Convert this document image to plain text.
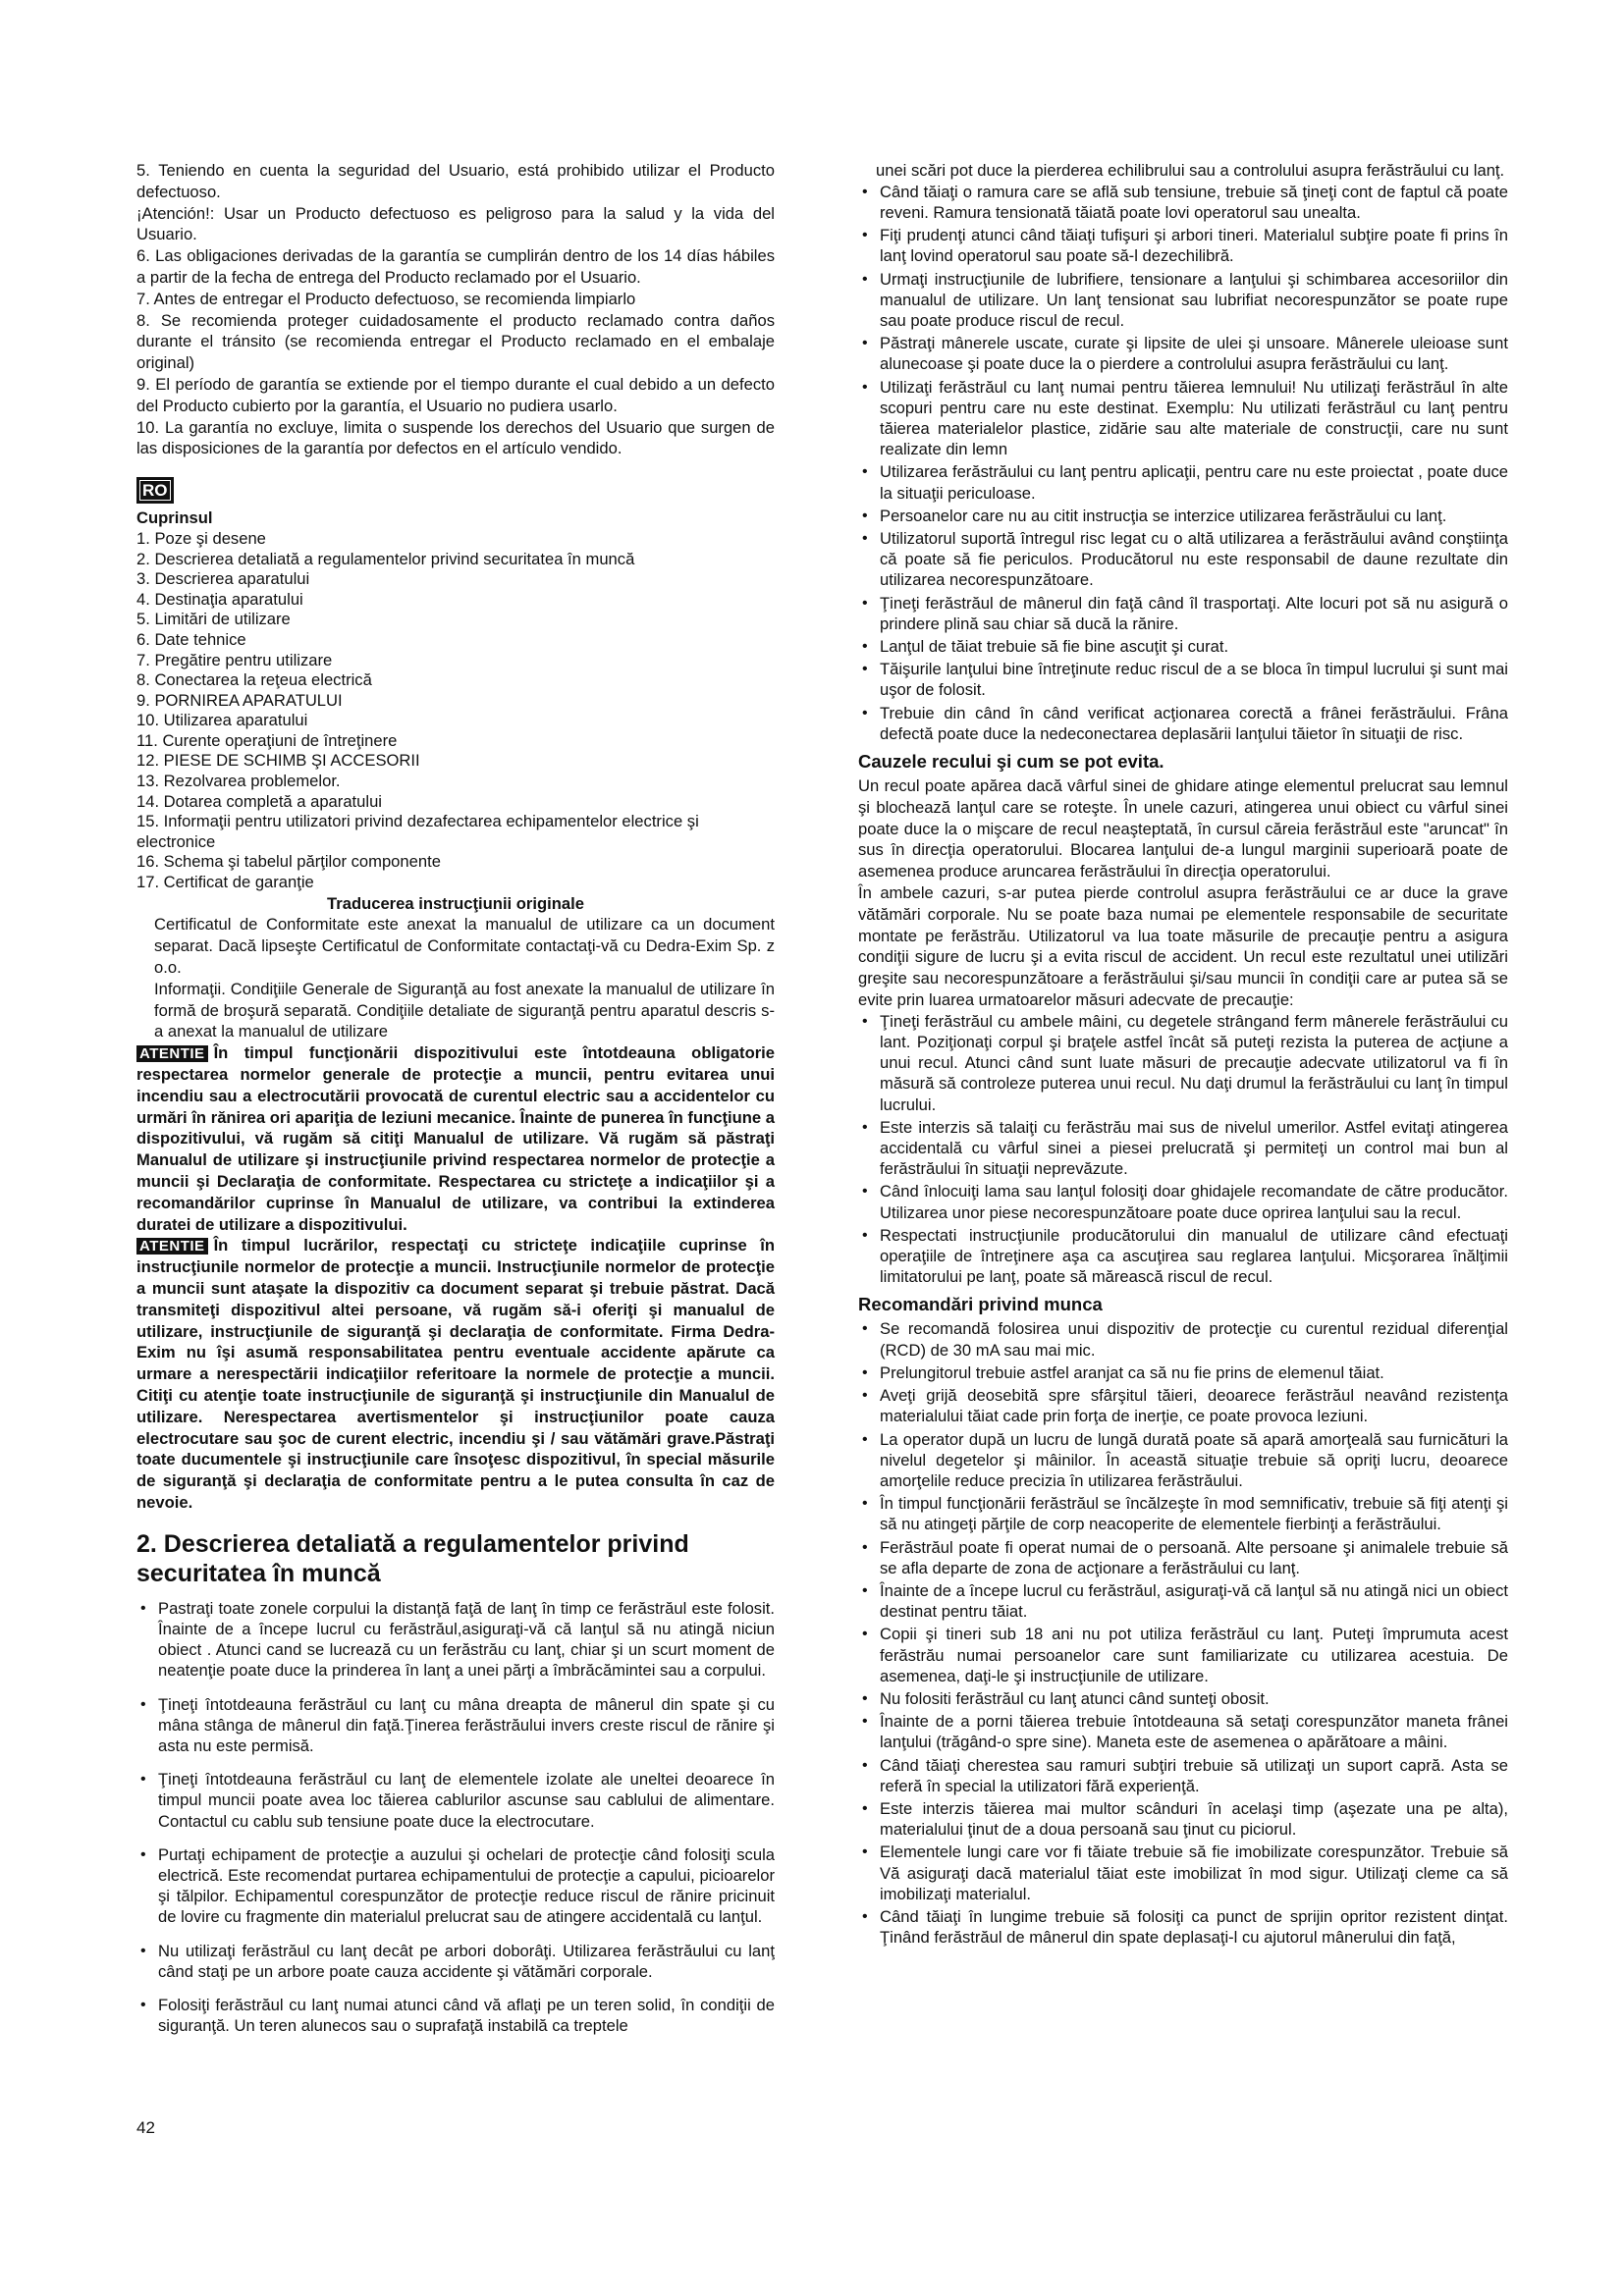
5. Teniendo en cuenta la seguridad del Usuario, está prohibido utilizar el Producto defectuoso.

¡Atención!: Usar un Producto defectuoso es peligroso para la salud y la vida del Usuario.

6. Las obligaciones derivadas de la garantía se cumplirán dentro de los 14 días hábiles a partir de la fecha de entrega del Producto reclamado por el Usuario.

7. Antes de entregar el Producto defectuoso, se recomienda limpiarlo

8. Se recomienda proteger cuidadosamente el producto reclamado contra daños durante el tránsito (se recomienda entregar el Producto reclamado en el embalaje original)

9. El período de garantía se extiende por el tiempo durante el cual debido a un defecto del Producto cubierto por la garantía, el Usuario no pudiera usarlo.

10. La garantía no excluye, limita o suspende los derechos del Usuario que surgen de las disposiciones de la garantía por defectos en el artículo vendido.

RO
Cuprinsul
1. Poze şi desene
2. Descrierea detaliată a regulamentelor privind securitatea în muncă
3. Descrierea aparatului
4. Destinaţia aparatului
5. Limitări de utilizare
6. Date tehnice
7. Pregătire pentru utilizare
8. Conectarea la reţeua electrică
9. PORNIREA APARATULUI
10. Utilizarea aparatului
11. Curente operaţiuni de întreţinere
12. PIESE DE SCHIMB ŞI ACCESORII
13. Rezolvarea problemelor.
14. Dotarea completă a aparatului
15. Informaţii pentru utilizatori privind dezafectarea echipamentelor electrice şi electronice
16. Schema şi tabelul părţilor componente
17. Certificat de garanţie
Traducerea instrucţiunii originale

Certificatul de Conformitate este anexat la manualul de utilizare ca un document separat. Dacă lipseşte Certificatul de Conformitate contactaţi-vă cu Dedra-Exim Sp. z o.o.

Informaţii. Condiţiile Generale de Siguranţă au fost anexate la manualul de utilizare în formă de broşură separată. Condiţiile detaliate de siguranţă pentru aparatul descris s-a anexat la manualul de utilizare

ATENTIE În timpul funcţionării dispozitivului este întotdeauna obligatorie respectarea normelor generale de protecţie a muncii, pentru evitarea unui incendiu sau a electrocutării provocată de curentul electric sau a accidentelor cu urmări în rănirea ori apariţia de leziuni mecanice. Înainte de punerea în funcţiune a dispozitivului, vă rugăm să citiţi Manualul de utilizare. Vă rugăm să păstraţi Manualul de utilizare şi instrucţiunile privind respectarea normelor de protecţie a muncii şi Declaraţia de conformitate. Respectarea cu stricteţe a indicaţiilor şi a recomandărilor cuprinse în Manualul de utilizare, va contribui la extinderea duratei de utilizare a dispozitivului.

ATENTIE În timpul lucrărilor, respectaţi cu stricteţe indicaţiile cuprinse în instrucţiunile normelor de protecţie a muncii. Instrucţiunile normelor de protecţie a muncii sunt ataşate la dispozitiv ca document separat şi trebuie păstrat. Dacă transmiteţi dispozitivul altei persoane, vă rugăm să-i oferiţi şi manualul de utilizare, instrucţiunile de siguranţă şi declaraţia de conformitate. Firma Dedra-Exim nu îşi asumă responsabilitatea pentru eventuale accidente apărute ca urmare a nerespectării indicaţiilor referitoare la normele de protecţie a muncii. Citiţi cu atenţie toate instrucţiunile de siguranţă şi instrucţiunile din Manualul de utilizare. Nerespectarea avertismentelor şi instrucţiunilor poate cauza electrocutare sau şoc de curent electric, incendiu şi / sau vătămări grave.Păstraţi toate ducumentele şi instrucţiunile care însoţesc dispozitivul, în special măsurile de siguranţă şi declaraţia de conformitate pentru a le putea consulta în caz de nevoie.

2. Descrierea detaliată a regulamentelor privind securitatea în muncă
• Pastraţi toate zonele corpului la distanţă faţă de lanţ în timp ce ferăstrăul este folosit. Înainte de a începe lucrul cu ferăstrăul,asiguraţi-vă că lanţul să nu atingă niciun obiect . Atunci cand se lucrează cu un ferăstrău cu lanţ, chiar şi un scurt moment de neatenţie poate duce la prinderea în lanţ a unei părţi a îmbrăcămintei sau a corpului.
• Ţineţi întotdeauna ferăstrăul cu lanţ cu mâna dreapta de mânerul din spate şi cu mâna stânga de mânerul din faţă.Ţinerea ferăstrăului invers creste riscul de rănire şi asta nu este permisă.
• Ţineţi întotdeauna ferăstrăul cu lanţ de elementele izolate ale uneltei deoarece în timpul muncii poate avea loc tăierea cablurilor ascunse sau cablului de alimentare. Contactul cu cablu sub tensiune poate duce la electrocutare.
• Purtaţi echipament de protecţie a auzului şi ochelari de protecţie când folosiţi scula electrică. Este recomendat purtarea echipamentului de protecţie a capului, picioarelor şi tălpilor. Echipamentul corespunzător de protecţie reduce riscul de rănire pricinuit de lovire cu fragmente din materialul prelucrat sau de atingere accidentală cu lanţul.
• Nu utilizaţi ferăstrăul cu lanţ decât pe arbori doborâţi. Utilizarea ferăstrăului cu lanţ când staţi pe un arbore poate cauza accidente şi vătămări corporale.
• Folosiţi ferăstrăul cu lanţ numai atunci când vă aflaţi pe un teren solid, în condiţii de siguranţă. Un teren alunecos sau o suprafaţă instabilă ca treptele

unei scări pot duce la pierderea echilibrului sau a controlului asupra ferăstrăului cu lanţ.

• Când tăiaţi o ramura care se află sub tensiune, trebuie să ţineţi cont de faptul că poate reveni. Ramura tensionată tăiată poate lovi operatorul sau unealta.
• Fiţi prudenţi atunci când tăiaţi tufişuri şi arbori tineri. Materialul subţire poate fi prins în lanţ lovind operatorul sau poate să-l dezechilibră.
• Urmaţi instrucţiunile de lubrifiere, tensionare a lanţului şi schimbarea accesoriilor din manualul de utilizare. Un lanţ tensionat sau lubrifiat necorespunzător se poate rupe sau poate produce riscul de recul.
• Păstraţi mânerele uscate, curate şi lipsite de ulei şi unsoare. Mânerele uleioase sunt alunecoase şi poate duce la o pierdere a controlului asupra ferăstrăului cu lanţ.
• Utilizaţi ferăstrăul cu lanţ numai pentru tăierea lemnului! Nu utilizaţi ferăstrăul în alte scopuri pentru care nu este destinat. Exemplu: Nu utilizati ferăstrăul cu lanţ pentru tăierea materialelor plastice, zidărie sau alte materiale de construcţii, care nu sunt realizate din lemn
• Utilizarea ferăstrăului cu lanţ pentru aplicaţii, pentru care nu este proiectat , poate duce la situaţii periculoase.
• Persoanelor care nu au citit instrucţia se interzice utilizarea ferăstrăului cu lanţ.
• Utilizatorul suportă întregul risc legat cu o altă utilizarea a ferăstrăului având conştiinţa că poate să fie periculos. Producătorul nu este responsabil de daune rezultate din utilizarea necorespunzătoare.
• Ţineţi ferăstrăul de mânerul din faţă când îl trasportaţi. Alte locuri pot să nu asigură o prindere plină sau chiar să ducă la rănire.
• Lanţul de tăiat trebuie să fie bine ascuţit şi curat.
• Tăişurile lanţului bine întreţinute reduc riscul de a se bloca în timpul lucrului şi sunt mai uşor de folosit.
• Trebuie din când în când verificat acţionarea corectă a frânei ferăstrăului. Frâna defectă poate duce la nedeconectarea deplasării lanţului tăietor în situaţii de risc.
Cauzele recului şi cum se pot evita.

Un recul poate apărea dacă vârful sinei de ghidare atinge elementul prelucrat sau lemnul şi blochează lanţul care se roteşte. În unele cazuri, atingerea unui obiect cu vârful sinei poate duce la o mişcare de recul neaşteptată, în cursul căreia ferăstrăul este "aruncat" în sus în direcţia operatorului. Blocarea lanţului de-a lungul marginii superioară poate de asemenea produce aruncarea ferăstrăului în direcţia operatorului.

În ambele cazuri, s-ar putea pierde controlul asupra ferăstrăului ce ar duce la grave vătămări corporale. Nu se poate baza numai pe elementele responsabile de securitate montate pe ferăstrău. Utilizatorul va lua toate măsurile de precauţie pentru a asigura condiţii sigure de lucru şi a evita riscul de accident. Un recul este rezultatul unei utilizări greşite sau necorespunzătoare a ferăstrăului şi/sau muncii în condiţii care ar putea să se evite prin luarea urmatoarelor măsuri adecvate de precauţie:

• Ţineţi ferăstrăul cu ambele mâini, cu degetele strângand ferm mânerele ferăstrăului cu lant. Poziţionaţi corpul şi braţele astfel încât să puteţi rezista la puterea de acţiune a unui recul. Atunci când sunt luate măsuri de precauţie adecvate utilizatorul va fi în măsură să controleze puterea unui recul. Nu daţi drumul la ferăstrăului cu lanţ în timpul lucrului.
• Este interzis să talaiţi cu ferăstrău mai sus de nivelul umerilor. Astfel evitaţi atingerea accidentală cu vârful sinei a piesei prelucrată şi permiteţi un control mai bun al ferăstrăului în situaţii neprevăzute.
• Când înlocuiţi lama sau lanţul folosiţi doar ghidajele recomandate de către producător. Utilizarea unor piese necorespunzătoare poate duce oprirea lanţului sau la recul.
• Respectati instrucţiunile producătorului din manualul de utilizare când efectuaţi operaţiile de întreţinere aşa ca ascuţirea sau reglarea lanţului. Micşorarea înălţimii limitatorului pe lanţ, poate să mărească riscul de recul.
Recomandări privind munca
• Se recomandă folosirea unui dispozitiv de protecţie cu curentul rezidual diferenţial (RCD) de 30 mA sau mai mic.
• Prelungitorul trebuie astfel aranjat ca să nu fie prins de elemenul tăiat.
• Aveţi grijă deosebită spre sfârşitul tăieri, deoarece ferăstrăul neavând rezistenţa materialului tăiat cade prin forţa de inerţie, ce poate provoca leziuni.
• La operator după un lucru de lungă durată poate să apară amorţeală sau furnicături la nivelul degetelor şi mâinilor. În această situaţie trebuie să opriţi lucru, deoarece amorţelile reduce precizia în utilizarea ferăstrăului.
• În timpul funcţionării ferăstrăul se încălzeşte în mod semnificativ, trebuie să fiţi atenţi şi să nu atingeţi părţile de corp neacoperite de elementele fierbinţi a ferăstrăului.
• Ferăstrăul poate fi operat numai de o persoană. Alte persoane şi animalele trebuie să se afla departe de zona de acţionare a ferăstrăului cu lanţ.
• Înainte de a începe lucrul cu ferăstrăul, asiguraţi-vă că lanţul să nu atingă nici un obiect destinat pentru tăiat.
• Copii şi tineri sub 18 ani nu pot utiliza ferăstrăul cu lanţ. Puteţi împrumuta acest ferăstrău numai persoanelor care sunt familiarizate cu utilizarea acestuia. De asemenea, daţi-le şi instrucţiunile de utilizare.
• Nu folositi ferăstrăul cu lanţ atunci când sunteţi obosit.
• Înainte de a porni tăierea trebuie întotdeauna să setaţi corespunzător maneta frânei lanţului (trăgând-o spre sine). Maneta este de asemenea o apărătoare a mâini.
• Când tăiaţi cherestea sau ramuri subţiri trebuie să utilizaţi un suport capră. Asta se referă în special la utilizatori fără experienţă.
• Este interzis tăierea mai multor scânduri în acelaşi timp (aşezate una pe alta), materialului ţinut de a doua persoană sau ţinut cu piciorul.
• Elementele lungi care vor fi tăiate trebuie să fie imobilizate corespunzător. Trebuie să Vă asiguraţi dacă materialul tăiat este imobilizat în mod sigur. Utilizaţi cleme ca să imobilizaţi materialul.
• Când tăiaţi în lungime trebuie să folosiţi ca punct de sprijin opritor rezistent dinţat. Ţinând ferăstrăul de mânerul din spate deplasaţi-l cu ajutorul mânerului din faţă,
42
